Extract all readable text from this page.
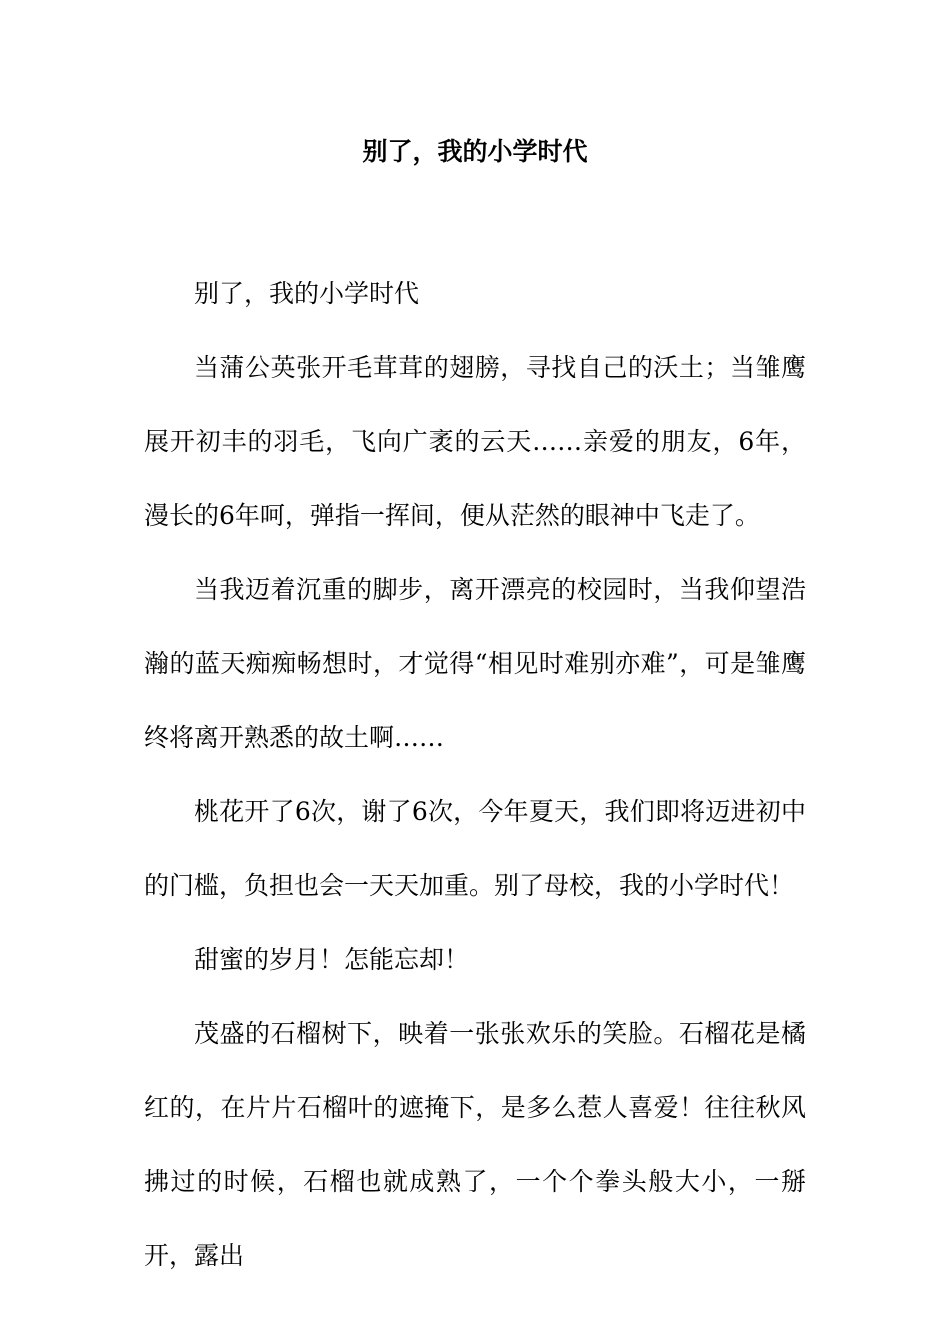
别了，我的小学时代

别了，我的小学时代

当蒲公英张开毛茸茸的翅膀，寻找自己的沃土；当雏鹰展开初丰的羽毛，飞向广袤的云天……亲爱的朋友，6年，漫长的6年呵，弹指一挥间，便从茫然的眼神中飞走了。

当我迈着沉重的脚步，离开漂亮的校园时，当我仰望浩瀚的蓝天痴痴畅想时，才觉得“相见时难别亦难”，可是雏鹰终将离开熟悉的故土啊……

桃花开了6次，谢了6次，今年夏天，我们即将迈进初中的门槛，负担也会一天天加重。别了母校，我的小学时代！

甜蜜的岁月！怎能忘却！

茂盛的石榴树下，映着一张张欢乐的笑脸。石榴花是橘红的，在片片石榴叶的遮掩下，是多么惹人喜爱！往往秋风拂过的时候，石榴也就成熟了，一个个拳头般大小，一掰开，露出
